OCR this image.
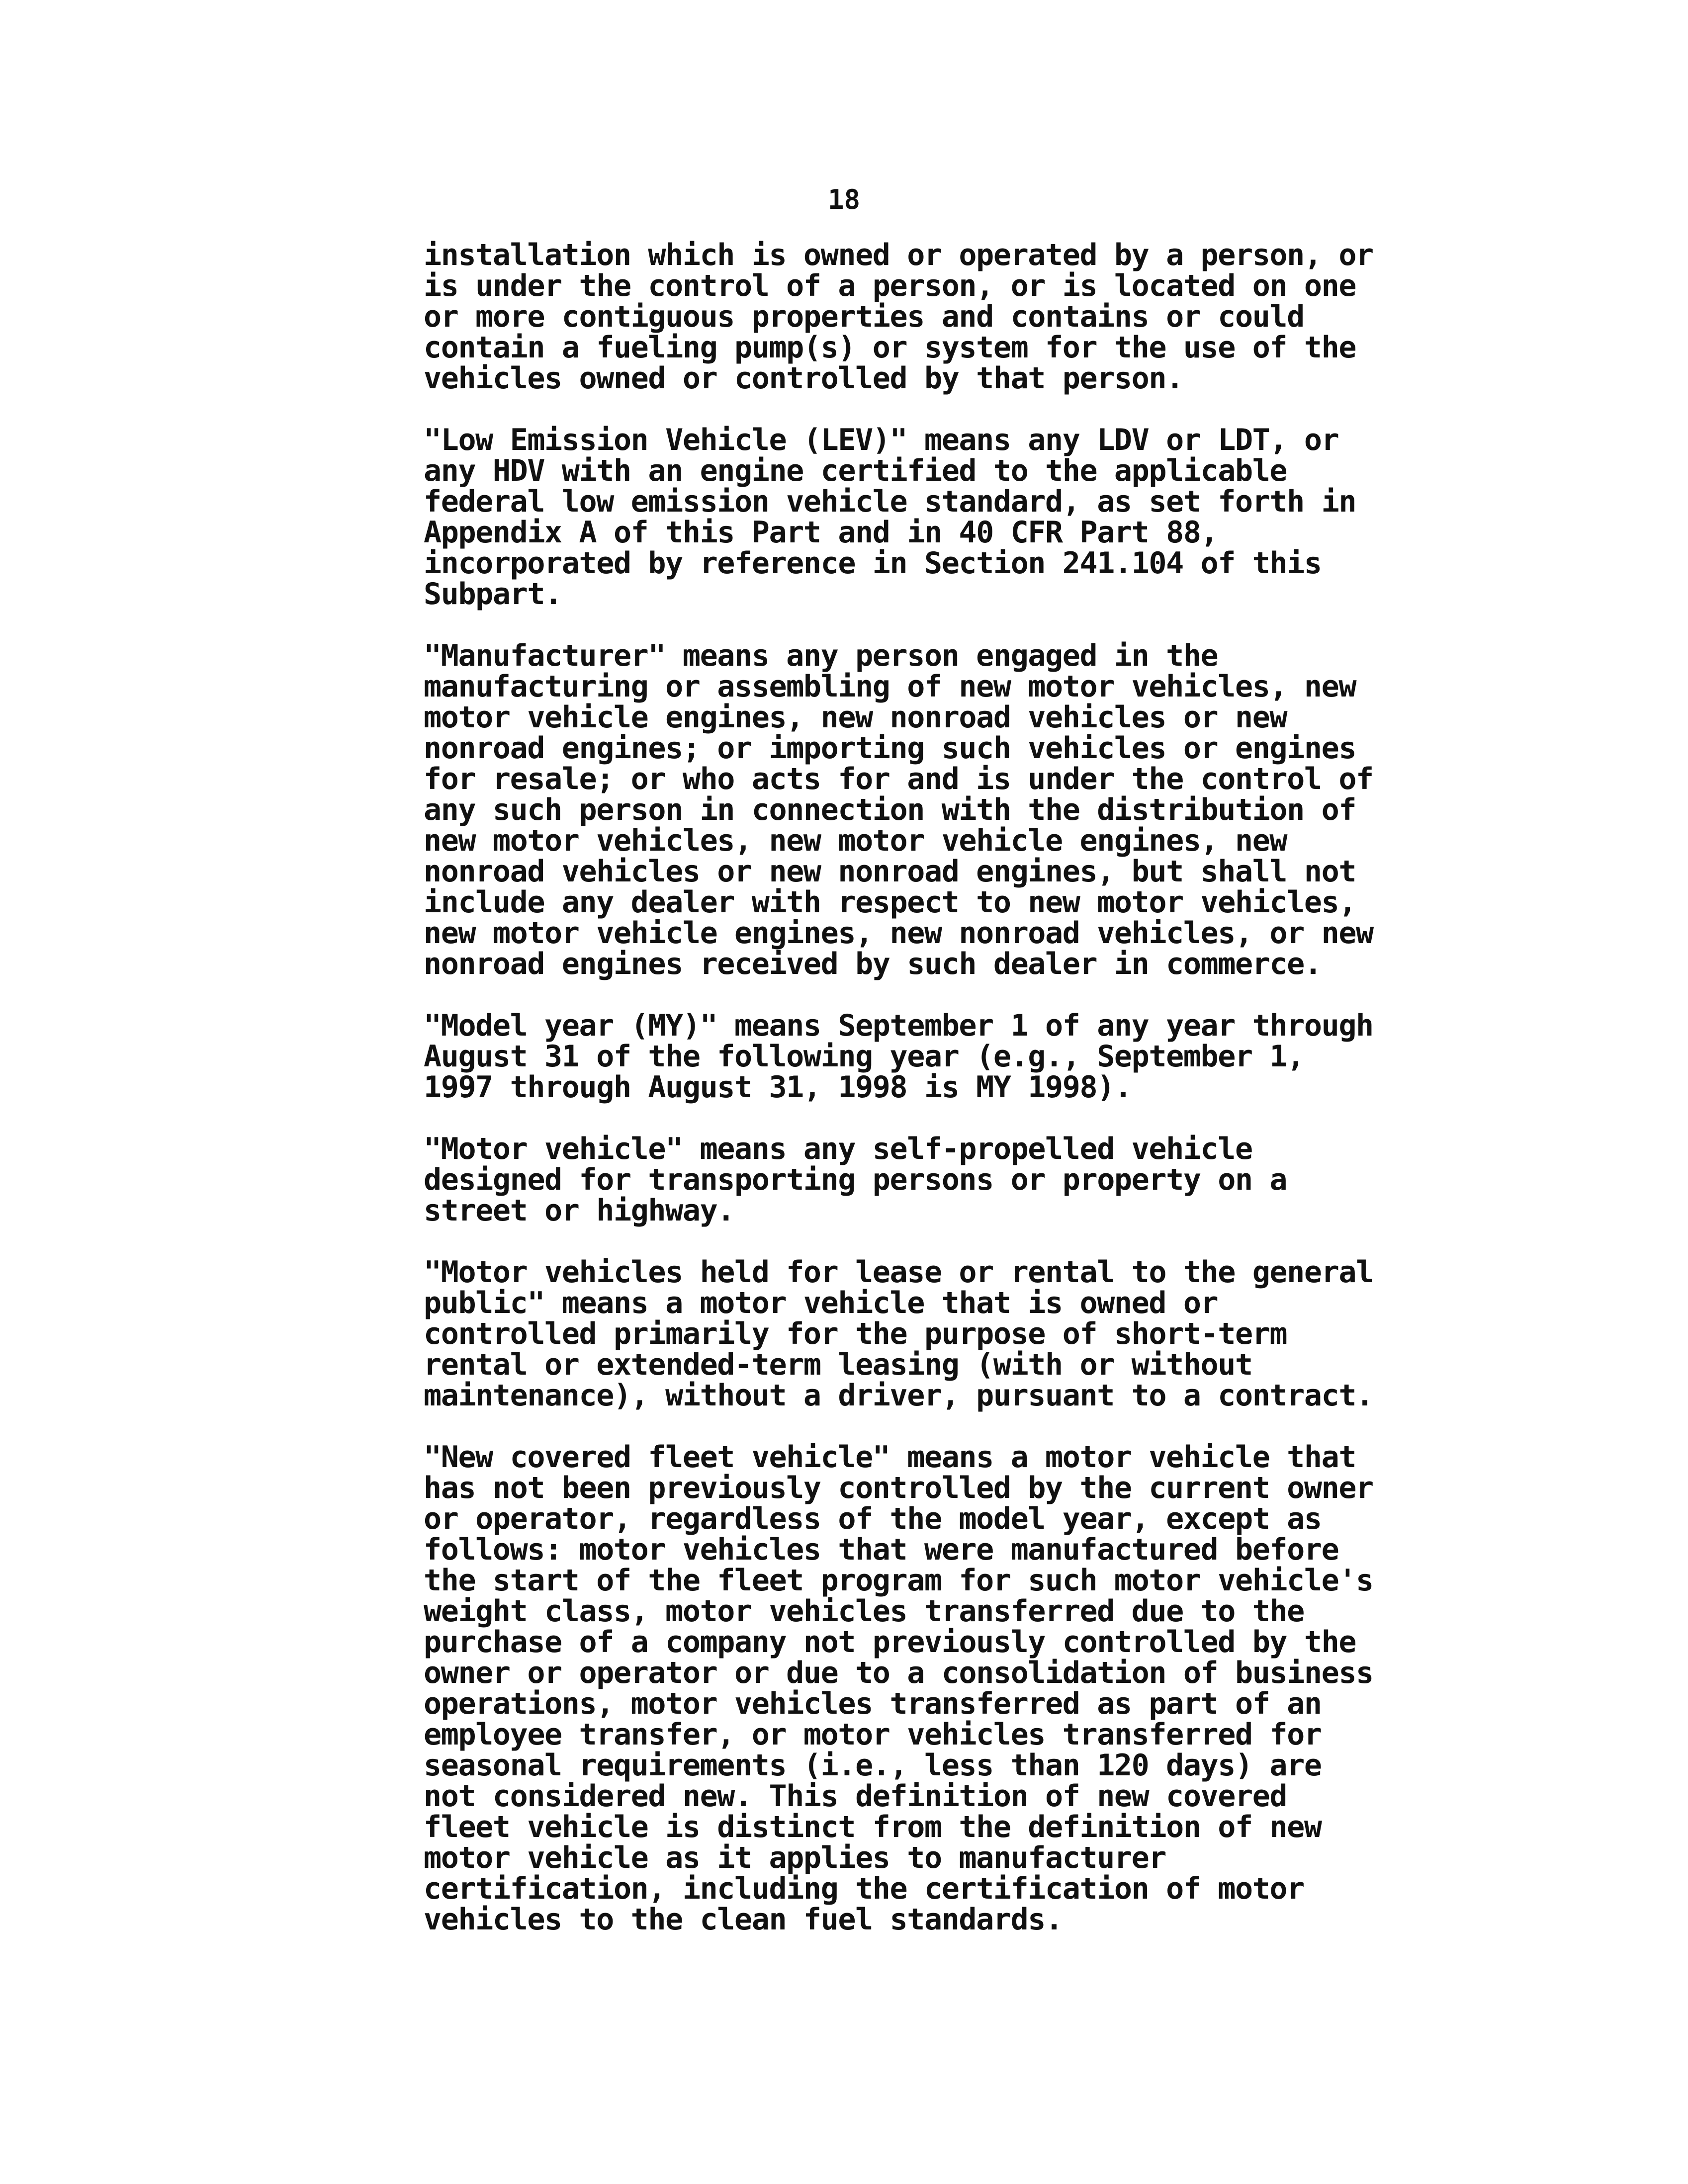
18

installation which is owned or operated by a person, or
is under the control of a person, or is located on one
or more contiguous properties and contains or could
contain a fueling pump(s) or system for the use of the
vehicles owned or controlled by that person.

"Low Emission Vehicle (LEV)" means any LDV or LDT, or
any HDV with an engine certified to the applicable
federal low emission vehicle standard, as set forth in
Appendix A of this Part and in 40 CFR Part 88,
incorporated by reference in Section 241.104 of this
Subpart.

"Manufacturer" means any person engaged in the
manufacturing or assembling of new motor vehicles, new
motor vehicle engines, new nonroad vehicles or new
nonroad engines; or importing such vehicles or engines
for resale; or who acts for and is under the control of
any such person in connection with the distribution of
new motor vehicles, new motor vehicle engines, new
nonroad vehicles or new nonroad engines, but shall not
include any dealer with respect to new motor vehicles,
new motor vehicle engines, new nonroad vehicles, or new
nonroad engines received by such dealer in commerce.

"Model year (MY)" means September 1 of any year through
August 31 of the following year (e.g., September 1,
1997 through August 31, 1998 is MY 1998).

"Motor vehicle" means any self-propelled vehicle
designed for transporting persons or property on a
street or highway.

"Motor vehicles held for lease or rental to the general
public" means a motor vehicle that is owned or
controlled primarily for the purpose of short-term
rental or extended-term leasing (with or without
maintenance), without a driver, pursuant to a contract.

"New covered fleet vehicle" means a motor vehicle that
has not been previously controlled by the current owner
or operator, regardless of the model year, except as
follows: motor vehicles that were manufactured before
the start of the fleet program for such motor vehicle's
weight class, motor vehicles transferred due to the
purchase of a company not previously controlled by the
owner or operator or due to a consolidation of business
operations, motor vehicles transferred as part of an
employee transfer, or motor vehicles transferred for
seasonal requirements (i.e., less than 120 days) are
not considered new. This definition of new covered
fleet vehicle is distinct from the definition of new
motor vehicle as it applies to manufacturer
certification, including the certification of motor
vehicles to the clean fuel standards.
